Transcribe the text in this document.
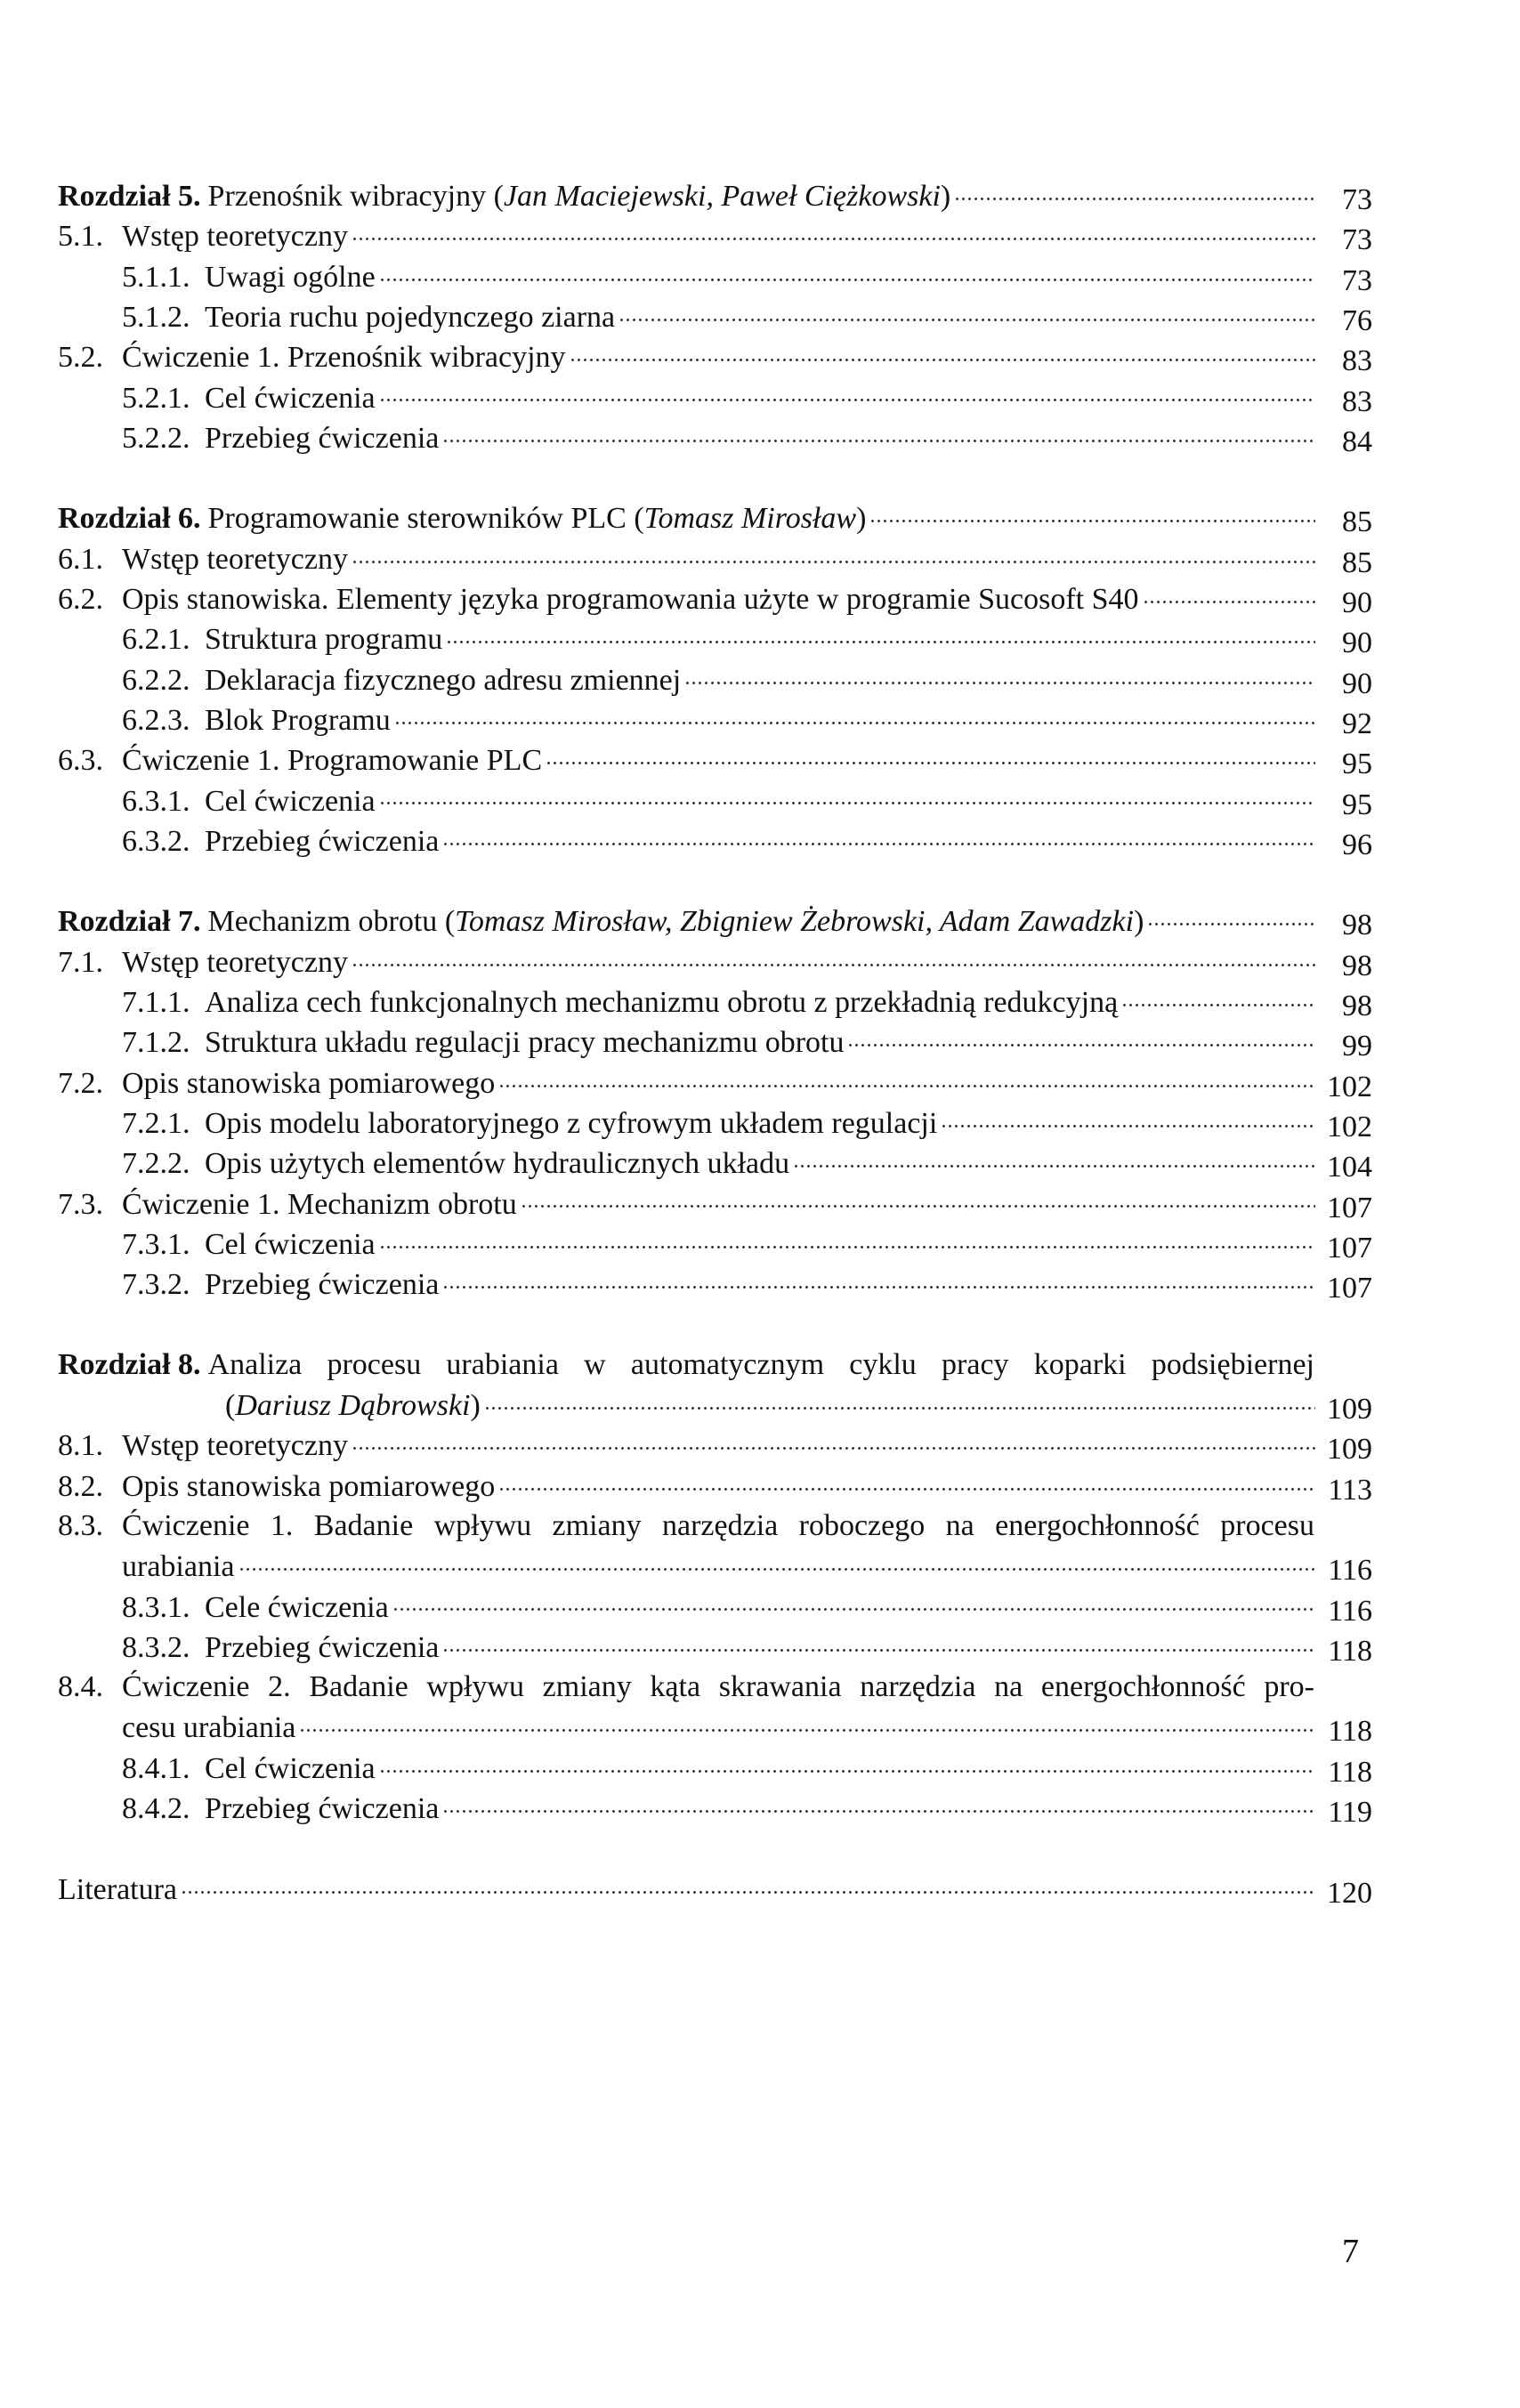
Rozdział 5. Przenośnik wibracyjny (Jan Maciejewski, Paweł Ciężkowski)	73
5.1. Wstęp teoretyczny	73
5.1.1. Uwagi ogólne	73
5.1.2. Teoria ruchu pojedynczego ziarna	76
5.2. Ćwiczenie 1. Przenośnik wibracyjny	83
5.2.1. Cel ćwiczenia	83
5.2.2. Przebieg ćwiczenia	84
Rozdział 6. Programowanie sterowników PLC (Tomasz Mirosław)	85
6.1. Wstęp teoretyczny	85
6.2. Opis stanowiska. Elementy języka programowania użyte w programie Sucosoft S40	90
6.2.1. Struktura programu	90
6.2.2. Deklaracja fizycznego adresu zmiennej	90
6.2.3. Blok Programu	92
6.3. Ćwiczenie 1. Programowanie PLC	95
6.3.1. Cel ćwiczenia	95
6.3.2. Przebieg ćwiczenia	96
Rozdział 7. Mechanizm obrotu (Tomasz Mirosław, Zbigniew Żebrowski, Adam Zawadzki)	98
7.1. Wstęp teoretyczny	98
7.1.1. Analiza cech funkcjonalnych mechanizmu obrotu z przekładnią redukcyjną	98
7.1.2. Struktura układu regulacji pracy mechanizmu obrotu	99
7.2. Opis stanowiska pomiarowego	102
7.2.1. Opis modelu laboratoryjnego z cyfrowym układem regulacji	102
7.2.2. Opis użytych elementów hydraulicznych układu	104
7.3. Ćwiczenie 1. Mechanizm obrotu	107
7.3.1. Cel ćwiczenia	107
7.3.2. Przebieg ćwiczenia	107
Rozdział 8. Analiza procesu urabiania w automatycznym cyklu pracy koparki podsiębiernej
(Dariusz Dąbrowski)	109
8.1. Wstęp teoretyczny	109
8.2. Opis stanowiska pomiarowego	113
8.3. Ćwiczenie 1. Badanie wpływu zmiany narzędzia roboczego na energochłonność procesu
urabiania	116
8.3.1. Cele ćwiczenia	116
8.3.2. Przebieg ćwiczenia	118
8.4. Ćwiczenie 2. Badanie wpływu zmiany kąta skrawania narzędzia na energochłonność pro-
cesu urabiania	118
8.4.1. Cel ćwiczenia	118
8.4.2. Przebieg ćwiczenia	119
Literatura	120
7
